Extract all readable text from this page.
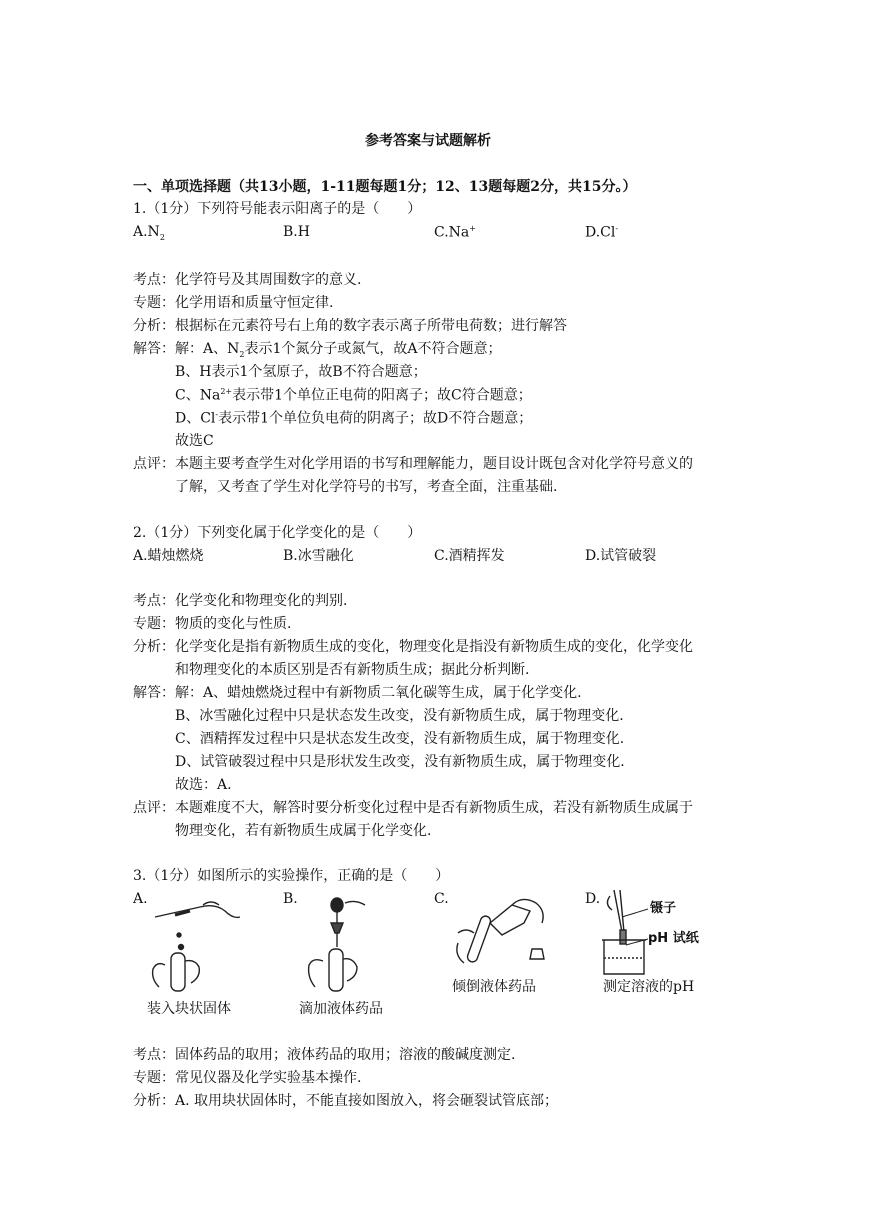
参考答案与试题解析
一、单项选择题（共13小题，1-11题每题1分；12、13题每题2分，共15分。）
1.（1分）下列符号能表示阳离子的是（　　）
$A.N_2$	B.H	C.Na+	D.Cl-
考点：化学符号及其周围数字的意义.
专题：化学用语和质量守恒定律.
分析：根据标在元素符号右上角的数字表示离子所带电荷数；进行解答
解答：解：A、$N_2$表示1个氮分子或氮气，故A不符合题意；
B、H表示1个氢原子，故B不符合题意；
C、$Na^{2+}$表示带1个单位正电荷的阳离子；故C符合题意；
D、Cl-表示带1个单位负电荷的阴离子；故D不符合题意；
故选C
点评：本题主要考查学生对化学用语的书写和理解能力，题目设计既包含对化学符号意义的
了解，又考查了学生对化学符号的书写，考查全面，注重基础.
2.（1分）下列变化属于化学变化的是（　　）
A.蜡烛燃烧	B.冰雪融化	C.酒精挥发	D.试管破裂
考点：化学变化和物理变化的判别.
专题：物质的变化与性质.
分析：化学变化是指有新物质生成的变化，物理变化是指没有新物质生成的变化，化学变化
和物理变化的本质区别是否有新物质生成；据此分析判断.
解答：解：A、蜡烛燃烧过程中有新物质二氧化碳等生成，属于化学变化.
B、冰雪融化过程中只是状态发生改变，没有新物质生成，属于物理变化.
C、酒精挥发过程中只是状态发生改变，没有新物质生成，属于物理变化.
D、试管破裂过程中只是形状发生改变，没有新物质生成，属于物理变化.
故选：A.
点评：本题难度不大，解答时要分析变化过程中是否有新物质生成，若没有新物质生成属于
物理变化，若有新物质生成属于化学变化.
3.（1分）如图所示的实验操作，正确的是（　　）
A.	B.	C.	D.
镊子
pH 试纸
装入块状固体	滴加液体药品
倾倒液体药品	测定溶液的pH
考点：固体药品的取用；液体药品的取用；溶液的酸碱度测定.
专题：常见仪器及化学实验基本操作.
分析：A. 取用块状固体时，不能直接如图放入，将会砸裂试管底部；
